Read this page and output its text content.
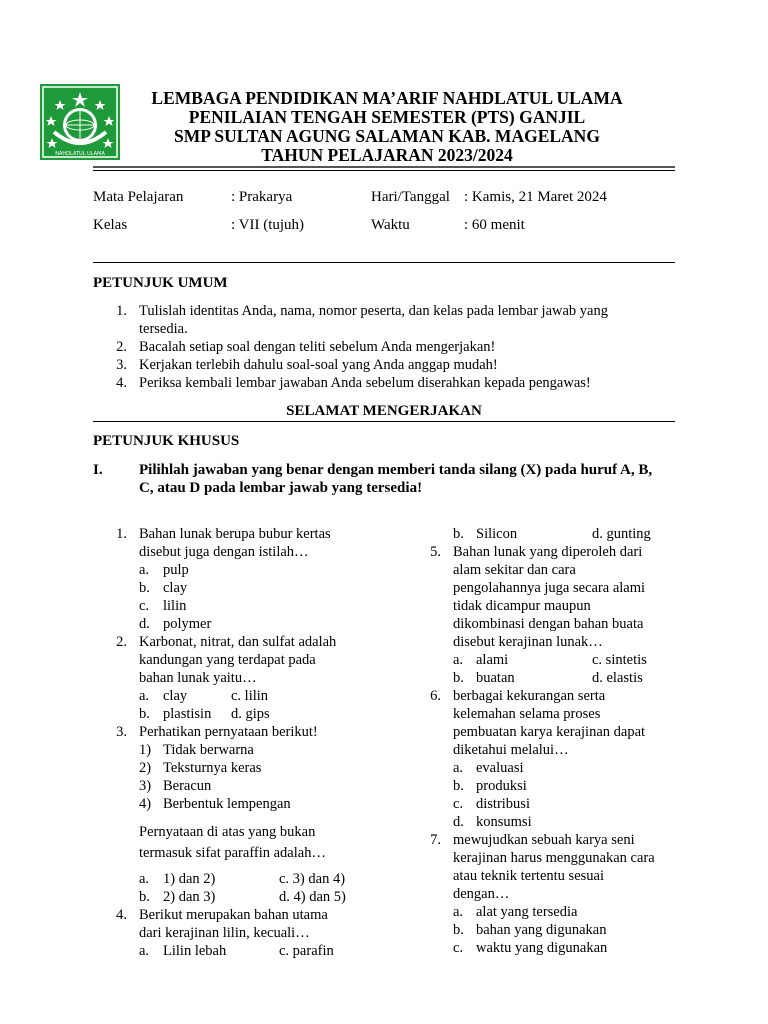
NAHDLATUL ULAMA
LEMBAGA PENDIDIKAN MA’ARIF NAHDLATUL ULAMA
PENILAIAN TENGAH SEMESTER (PTS) GANJIL
SMP SULTAN AGUNG SALAMAN KAB. MAGELANG
TAHUN PELAJARAN 2023/2024
Mata Pelajaran	: Prakarya	Hari/Tanggal : Kamis, 21 Maret 2024
Kelas	: VII (tujuh)	Waktu	: 60 menit
PETUNJUK UMUM
1. Tulislah identitas Anda, nama, nomor peserta, dan kelas pada lembar jawab yang
tersedia.
2. Bacalah setiap soal dengan teliti sebelum Anda mengerjakan!
3. Kerjakan terlebih dahulu soal-soal yang Anda anggap mudah!
4. Periksa kembali lembar jawaban Anda sebelum diserahkan kepada pengawas!
SELAMAT MENGERJAKAN
PETUNJUK KHUSUS
I. Pilihlah jawaban yang benar dengan memberi tanda silang (X) pada huruf A, B,
C, atau D pada lembar jawab yang tersedia!
1. Bahan lunak berupa bubur kertas
disebut juga dengan istilah…
a. pulp
b. clay
c. lilin
d. polymer
2. Karbonat, nitrat, dan sulfat adalah
kandungan yang terdapat pada
bahan lunak yaitu…
a. clay	c. lilin
b. plastisin d. gips
3. Perhatikan pernyataan berikut!
1) Tidak berwarna
2) Teksturnya keras
3) Beracun
4) Berbentuk lempengan
Pernyataan di atas yang bukan
termasuk sifat paraffin adalah…
a. 1) dan 2)	c. 3) dan 4)
b. 2) dan 3)	d. 4) dan 5)
4. Berikut merupakan bahan utama
dari kerajinan lilin, kecuali…
a. Lilin lebah	c. parafin
b. Silicon	d. gunting
5. Bahan lunak yang diperoleh dari
alam sekitar dan cara
pengolahannya juga secara alami
tidak dicampur maupun
dikombinasi dengan bahan buata
disebut kerajinan lunak…
a. alami	c. sintetis
b. buatan	d. elastis
6. berbagai kekurangan serta
kelemahan selama proses
pembuatan karya kerajinan dapat
diketahui melalui…
a. evaluasi
b. produksi
c. distribusi
d. konsumsi
7. mewujudkan sebuah karya seni
kerajinan harus menggunakan cara
atau teknik tertentu sesuai
dengan…
a. alat yang tersedia
b. bahan yang digunakan
c. waktu yang digunakan
